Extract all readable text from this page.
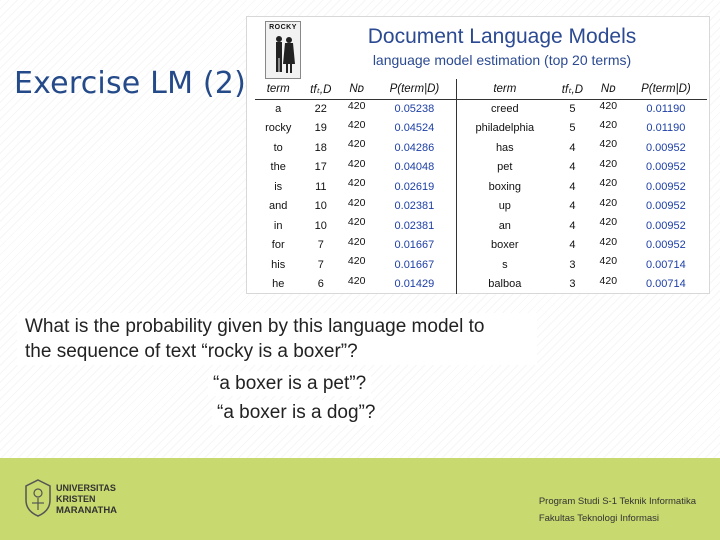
Exercise LM (2)
ROCKY	Document Language Models
language model estimation (top 20 terms)
term	tfₜ,D	Nᴅ	P(term|D)	term	tfₜ,D	Nᴅ	P(term|D)
a	22	420	0.05238	creed	5	420	0.01190
rocky	19	420	0.04524	philadelphia	5	420	0.01190
to	18	420	0.04286	has	4	420	0.00952
the	17	420	0.04048	pet	4	420	0.00952
is	11	420	0.02619	boxing	4	420	0.00952
and	10	420	0.02381	up	4	420	0.00952
in	10	420	0.02381	an	4	420	0.00952
for	7	420	0.01667	boxer	4	420	0.00952
his	7	420	0.01667	s	3	420	0.00714
he	6	420	0.01429	balboa	3	420	0.00714
What is the probability given by this language model to
the sequence of text “rocky is a boxer”?
“a boxer is a pet”?
“a boxer is a dog”?
UNIVERSITAS
KRISTEN
MARANATHA
Program Studi S-1 Teknik Informatika
Fakultas Teknologi Informasi
